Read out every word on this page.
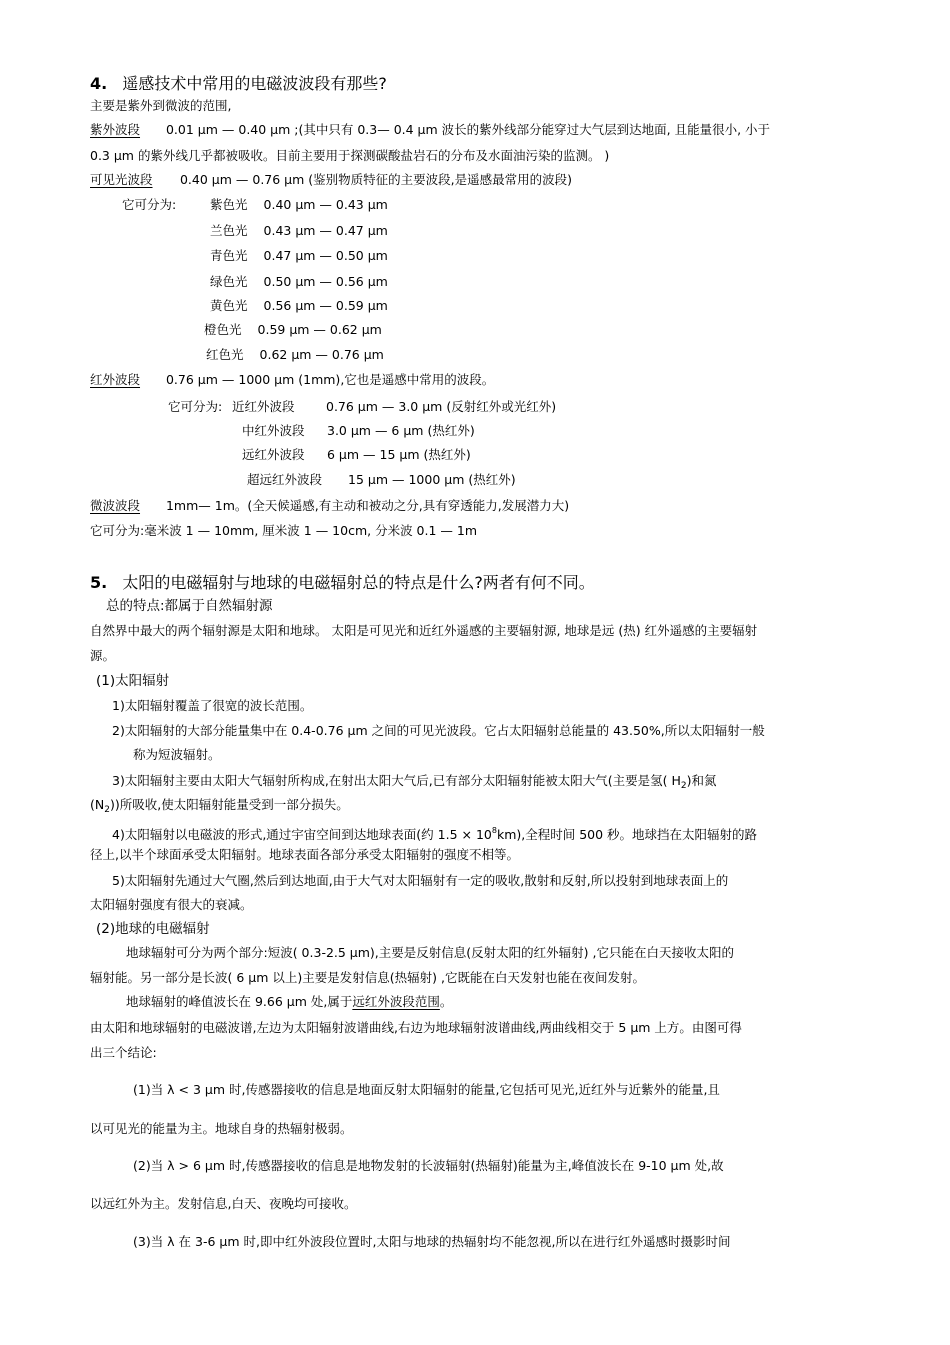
4. 遥感技术中常用的电磁波波段有那些?
主要是紫外到微波的范围,
紫外波段 0.01 μm — 0.40 μm ;(其中只有 0.3— 0.4 μm 波长的紫外线部分能穿过大气层到达地面, 且能量很小, 小于
0.3 μm 的紫外线几乎都被吸收。目前主要用于探测碳酸盐岩石的分布及水面油污染的监测。 )
可见光波段 0.40 μm — 0.76 μm (鉴别物质特征的主要波段,是遥感最常用的波段)
它可分为:	紫色光 0.40 μm — 0.43 μm
兰色光 0.43 μm — 0.47 μm
青色光 0.47 μm — 0.50 μm
绿色光 0.50 μm — 0.56 μm
黄色光 0.56 μm — 0.59 μm
橙色光 0.59 μm — 0.62 μm
红色光 0.62 μm — 0.76 μm
红外波段 0.76 μm — 1000 μm (1mm),它也是遥感中常用的波段。
它可分为: 近红外波段	0.76 μm — 3.0 μm (反射红外或光红外)
中红外波段 3.0 μm — 6 μm (热红外)
远红外波段 6 μm — 15 μm (热红外)
超远红外波段 15 μm — 1000 μm (热红外)
微波波段 1mm— 1m。(全天候遥感,有主动和被动之分,具有穿透能力,发展潜力大)
它可分为:毫米波 1 — 10mm, 厘米波 1 — 10cm, 分米波 0.1 — 1m
5. 太阳的电磁辐射与地球的电磁辐射总的特点是什么?两者有何不同。
总的特点:都属于自然辐射源
自然界中最大的两个辐射源是太阳和地球。 太阳是可见光和近红外遥感的主要辐射源, 地球是远 (热) 红外遥感的主要辐射
源。
(1)太阳辐射
1)太阳辐射覆盖了很宽的波长范围。
2)太阳辐射的大部分能量集中在 0.4-0.76 μm 之间的可见光波段。它占太阳辐射总能量的 43.50%,所以太阳辐射一般
称为短波辐射。
3)太阳辐射主要由太阳大气辐射所构成,在射出太阳大气后,已有部分太阳辐射能被太阳大气(主要是氢( $H_2$)和氮
$(N_2)$)所吸收,使太阳辐射能量受到一部分损失。
4)太阳辐射以电磁波的形式,通过宇宙空间到达地球表面(约 $1.5 \times 10^8km$),全程时间 500 秒。地球挡在太阳辐射的路
径上,以半个球面承受太阳辐射。地球表面各部分承受太阳辐射的强度不相等。
5)太阳辐射先通过大气圈,然后到达地面,由于大气对太阳辐射有一定的吸收,散射和反射,所以投射到地球表面上的
太阳辐射强度有很大的衰减。
(2)地球的电磁辐射
地球辐射可分为两个部分:短波( 0.3-2.5 μm),主要是反射信息(反射太阳的红外辐射) ,它只能在白天接收太阳的
辐射能。另一部分是长波( 6 μm 以上)主要是发射信息(热辐射) ,它既能在白天发射也能在夜间发射。
地球辐射的峰值波长在 9.66 μm 处,属于远红外波段范围。
由太阳和地球辐射的电磁波谱,左边为太阳辐射波谱曲线,右边为地球辐射波谱曲线,两曲线相交于 5 μm 上方。由图可得
出三个结论:
(1)当 λ < 3 μm 时,传感器接收的信息是地面反射太阳辐射的能量,它包括可见光,近红外与近紫外的能量,且
以可见光的能量为主。地球自身的热辐射极弱。
(2)当 λ > 6 μm 时,传感器接收的信息是地物发射的长波辐射(热辐射)能量为主,峰值波长在 9-10 μm 处,故
以远红外为主。发射信息,白天、夜晚均可接收。
(3)当 λ 在 3-6 μm 时,即中红外波段位置时,太阳与地球的热辐射均不能忽视,所以在进行红外遥感时摄影时间
